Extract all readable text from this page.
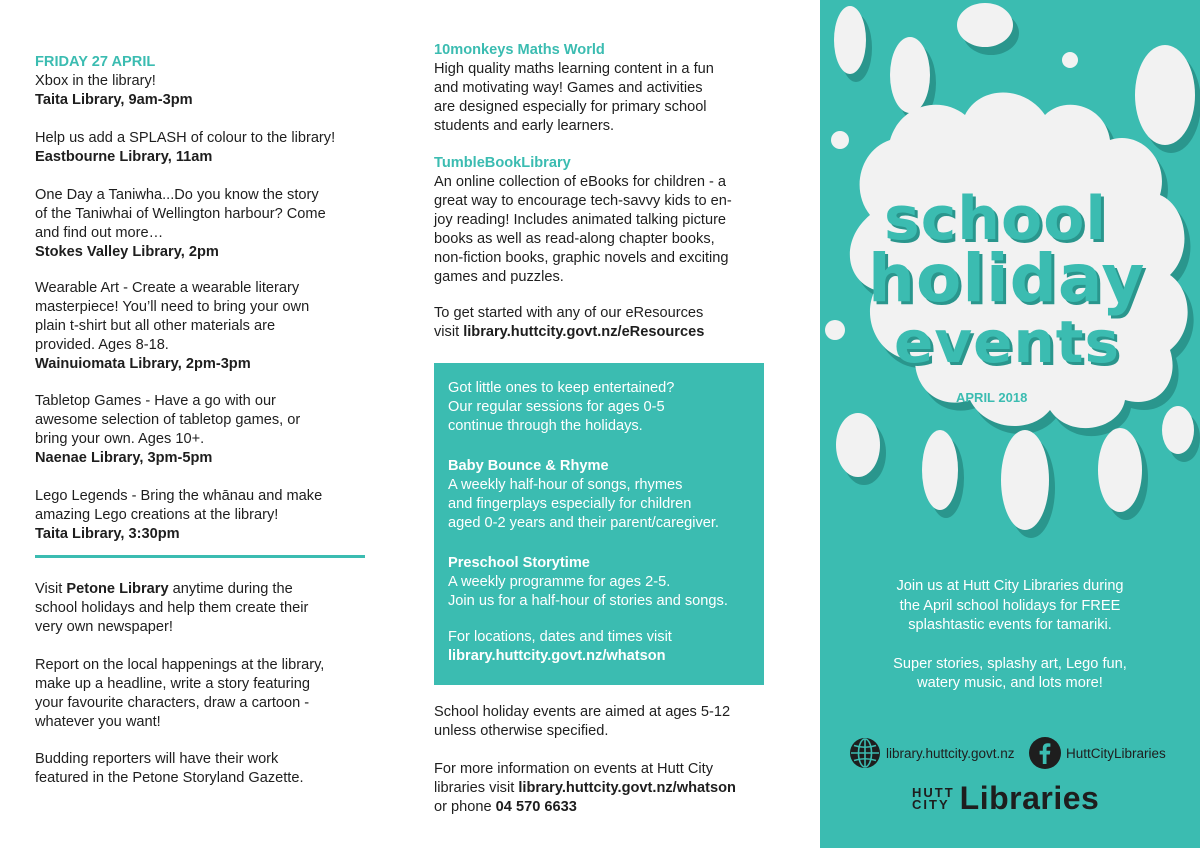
FRIDAY 27 APRIL

Xbox in the library!

Taita Library, 9am-3pm

Help us add a SPLASH of colour to the library!

Eastbourne Library, 11am

One Day a Taniwha...Do you know the story

of the Taniwhai of Wellington harbour? Come

and find out more…

Stokes Valley Library, 2pm

Wearable Art - Create a wearable literary

masterpiece! You’ll need to bring your own

plain t-shirt but all other materials are

provided. Ages 8-18.

Wainuiomata Library, 2pm-3pm

Tabletop Games - Have a go with our

awesome selection of tabletop games, or

bring your own. Ages 10+.

Naenae Library, 3pm-5pm

Lego Legends - Bring the whānau and make

amazing Lego creations at the library!

Taita Library, 3:30pm

Visit Petone Library anytime during the

school holidays and help them create their

very own newspaper!

Report on the local happenings at the library,

make up a headline, write a story featuring

your favourite characters, draw a cartoon -

whatever you want!

Budding reporters will have their work

featured in the Petone Storyland Gazette.

10monkeys Maths World

High quality maths learning content in a fun

and motivating way! Games and activities

are designed especially for primary school

students and early learners.

TumbleBookLibrary

An online collection of eBooks for children - a

great way to encourage tech-savvy kids to en-

joy reading! Includes animated talking picture

books as well as read-along chapter books,

non-fiction books, graphic novels and exciting

games and puzzles.

To get started with any of our eResources

visit library.huttcity.govt.nz/eResources

School holiday events are aimed at ages 5-12

unless otherwise specified.

For more information on events at Hutt City

libraries visit library.huttcity.govt.nz/whatson

or phone 04 570 6633

Got little ones to keep entertained?

Our regular sessions for ages 0-5

continue through the holidays.

Baby Bounce & Rhyme

A weekly half-hour of songs, rhymes

and fingerplays especially for children

aged 0-2 years and their parent/caregiver.

Preschool Storytime

A weekly programme for ages 2-5.

Join us for a half-hour of stories and songs.

For locations, dates and times visit

library.huttcity.govt.nz/whatson

school
holiday
events
APRIL 2018
Join us at Hutt City Libraries during
the April school holidays for FREE
splashtastic events for tamariki.
Super stories, splashy art, Lego fun,
watery music, and lots more!
library.huttcity.govt.nz	HuttCityLibraries
HUTT
CITY Libraries
